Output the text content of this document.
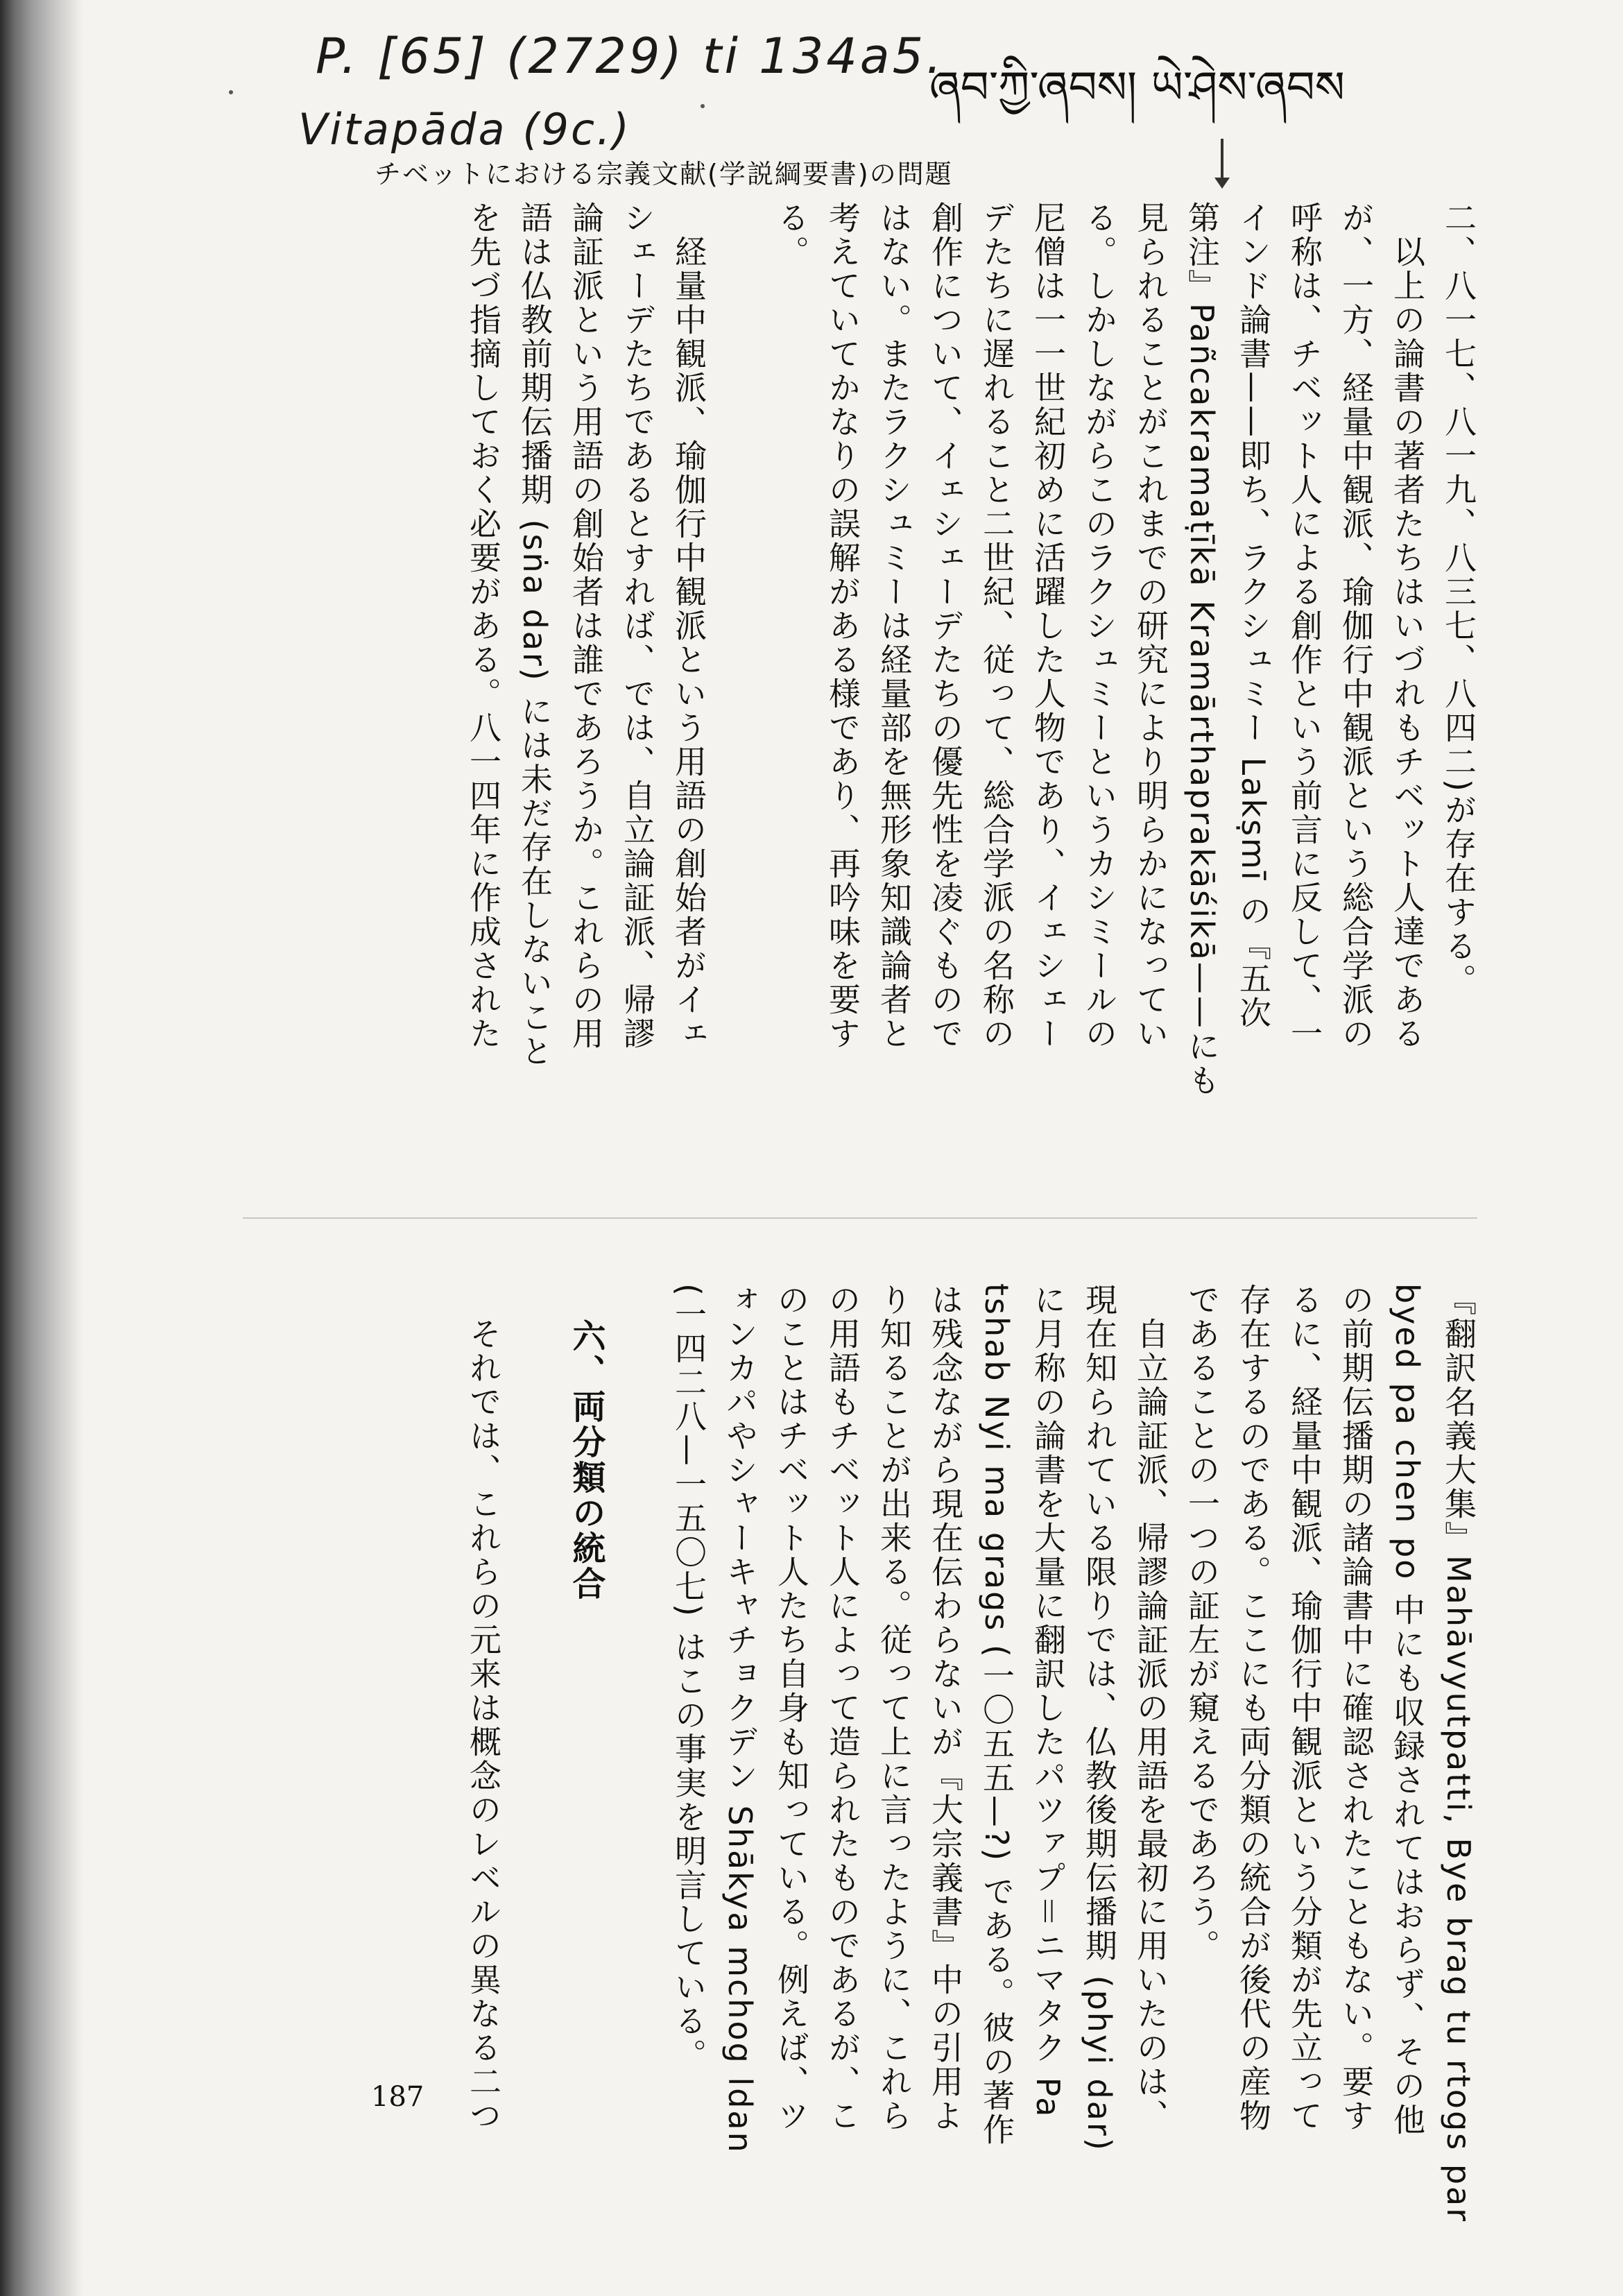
P. [65] (2729) ti 134a5.
Vitapāda (9c.)
ཞབ་ཀྱི་ཞབས། ཡེ་ཤེས་ཞབས
チベットにおける宗義文献(学説綱要書)の問題
二、八一七、八一九、八三七、八四二)が存在する。
　以上の論書の著者たちはいづれもチベット人達である
が、一方、経量中観派、瑜伽行中観派という総合学派の
呼称は、チベット人による創作という前言に反して、一
インド論書——即ち、ラクシュミー Lakṣmī の『五次
第注』Pañcakramaṭīkā Kramārthaprakāśikā——にも
見られることがこれまでの研究により明らかになってい
る。しかしながらこのラクシュミーというカシミールの
尼僧は一一世紀初めに活躍した人物であり、イェシェー
デたちに遅れること二世紀、従って、総合学派の名称の
創作について、イェシェーデたちの優先性を凌ぐもので
はない。またラクシュミーは経量部を無形象知識論者と
考えていてかなりの誤解がある様であり、再吟味を要す
る。
　経量中観派、瑜伽行中観派という用語の創始者がイェ
シェーデたちであるとすれば、では、自立論証派、帰謬
論証派という用語の創始者は誰であろうか。これらの用
語は仏教前期伝播期 (sṅa dar) には未だ存在しないこと
を先づ指摘しておく必要がある。八一四年に作成された
『翻訳名義大集』Mahāvyutpatti, Bye brag tu rtogs par
byed pa chen po 中にも収録されてはおらず、その他
の前期伝播期の諸論書中に確認されたこともない。要す
るに、経量中観派、瑜伽行中観派という分類が先立って
存在するのである。ここにも両分類の統合が後代の産物
であることの一つの証左が窺えるであろう。
　自立論証派、帰謬論証派の用語を最初に用いたのは、
現在知られている限りでは、仏教後期伝播期 (phyi dar)
に月称の論書を大量に翻訳したパツァプ＝ニマタク Pa
tshab Nyi ma grags (一〇五五—?) である。彼の著作
は残念ながら現在伝わらないが『大宗義書』中の引用よ
り知ることが出来る。従って上に言ったように、これら
の用語もチベット人によって造られたものであるが、こ
のことはチベット人たち自身も知っている。例えば、ツ
ォンカパやシャーキャチョクデン Shākya mchog ldan
(一四二八—一五〇七) はこの事実を明言している。
　六、両分類の統合
　それでは、これらの元来は概念のレベルの異なる二つ
187
